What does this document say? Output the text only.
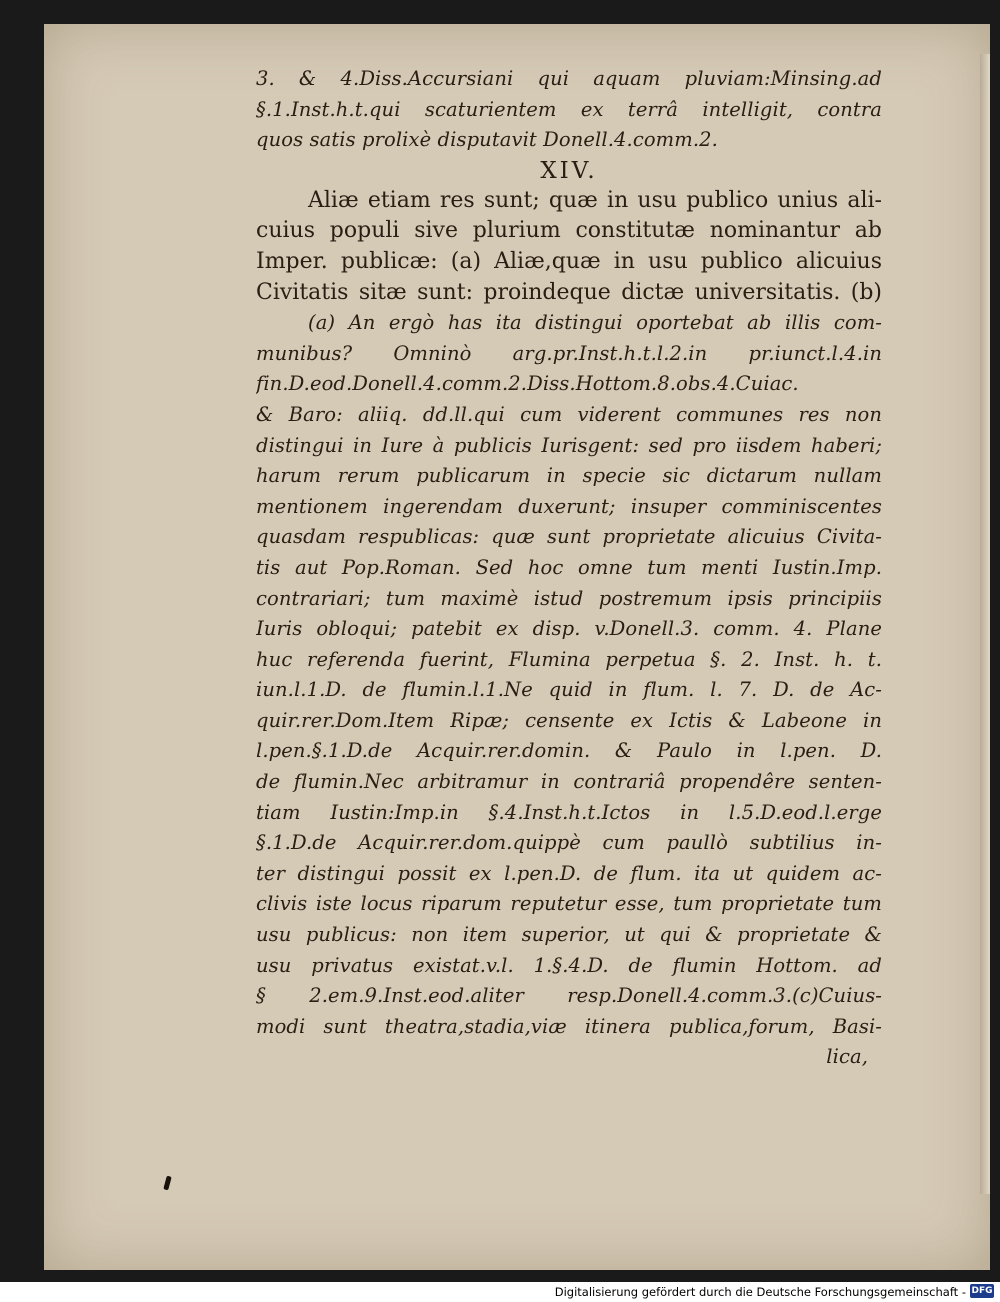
3. & 4.Diss.Accursiani qui aquam pluviam:Minsing.ad
§.1.Inst.h.t.qui scaturientem ex terrâ intelligit, contra
quos satis prolixè disputavit Donell.4.comm.2.
XIV.
Aliæ etiam res sunt; quæ in usu publico unius ali-
cuius populi sive plurium constitutæ nominantur ab
Imper. publicæ: (a) Aliæ,quæ in usu publico alicuius
Civitatis sitæ sunt: proindeque dictæ universitatis. (b)
(a) An ergò has ita distingui oportebat ab illis com-
munibus? Omninò arg.pr.Inst.h.t.l.2.in pr.iunct.l.4.in
fin.D.eod.Donell.4.comm.2.Diss.Hottom.8.obs.4.Cuiac.
& Baro: aliiq. dd.ll.qui cum viderent communes res non
distingui in Iure à publicis Iurisgent: sed pro iisdem haberi;
harum rerum publicarum in specie sic dictarum nullam
mentionem ingerendam duxerunt; insuper comminiscentes
quasdam respublicas: quæ sunt proprietate alicuius Civita-
tis aut Pop.Roman. Sed hoc omne tum menti Iustin.Imp.
contrariari; tum maximè istud postremum ipsis principiis
Iuris obloqui; patebit ex disp. v.Donell.3. comm. 4. Plane
huc referenda fuerint, Flumina perpetua §. 2. Inst. h. t.
iun.l.1.D. de flumin.l.1.Ne quid in flum. l. 7. D. de Ac-
quir.rer.Dom.Item Ripæ; censente ex Ictis & Labeone in
l.pen.§.1.D.de Acquir.rer.domin. & Paulo in l.pen. D.
de flumin.Nec arbitramur in contrariâ propendêre senten-
tiam Iustin:Imp.in §.4.Inst.h.t.Ictos in l.5.D.eod.l.erge
§.1.D.de Acquir.rer.dom.quippè cum paullò subtilius in-
ter distingui possit ex l.pen.D. de flum. ita ut quidem ac-
clivis iste locus riparum reputetur esse, tum proprietate tum
usu publicus: non item superior, ut qui & proprietate &
usu privatus existat.v.l. 1.§.4.D. de flumin Hottom. ad
§ 2.em.9.Inst.eod.aliter resp.Donell.4.comm.3.(c)Cuius-
modi sunt theatra,stadia,viæ itinera publica,forum, Basi-
lica,
Digitalisierung gefördert durch die Deutsche Forschungsgemeinschaft - DFG
